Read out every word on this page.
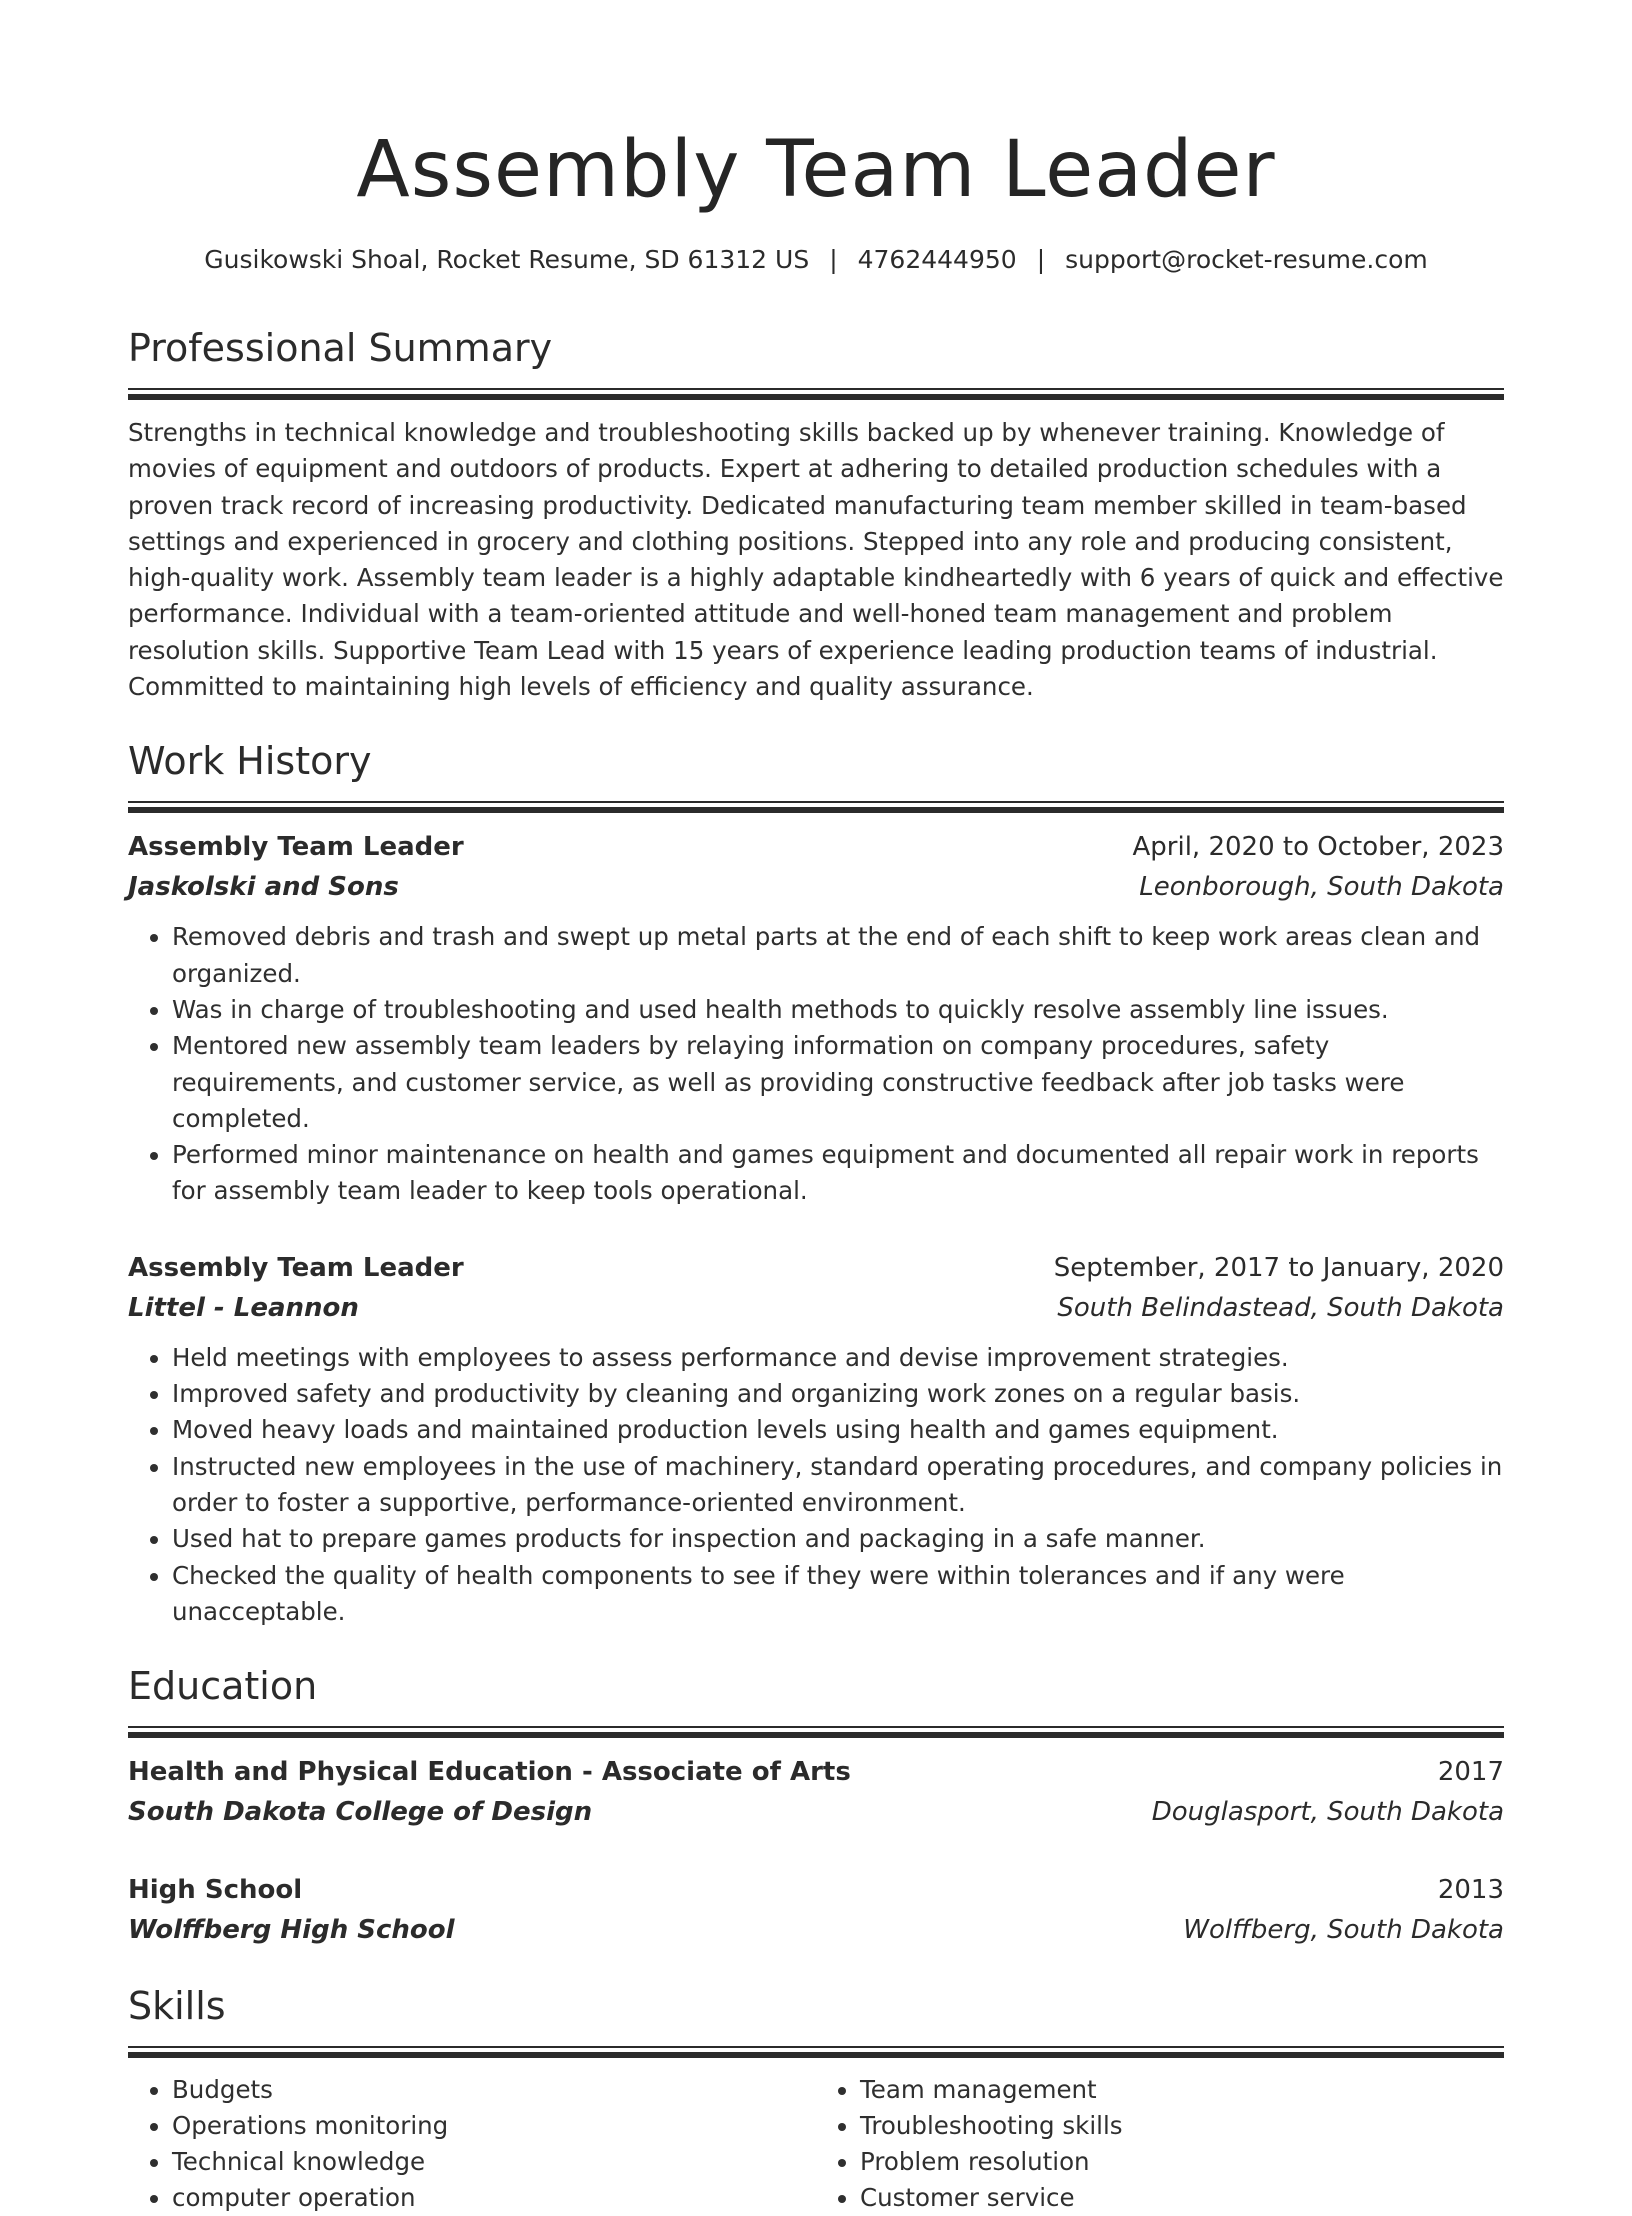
Assembly Team Leader
Gusikowski Shoal, Rocket Resume, SD 61312 US | 4762444950 | support@rocket-resume.com
Professional Summary

Strengths in technical knowledge and troubleshooting skills backed up by whenever training. Knowledge of movies of equipment and outdoors of products. Expert at adhering to detailed production schedules with a proven track record of increasing productivity. Dedicated manufacturing team member skilled in team-based settings and experienced in grocery and clothing positions. Stepped into any role and producing consistent, high-quality work. Assembly team leader is a highly adaptable kindheartedly with 6 years of quick and effective performance. Individual with a team-oriented attitude and well-honed team management and problem resolution skills. Supportive Team Lead with 15 years of experience leading production teams of industrial. Committed to maintaining high levels of efficiency and quality assurance.

Work History
Assembly Team Leader	April, 2020 to October, 2023
Jaskolski and Sons	Leonborough, South Dakota
• Removed debris and trash and swept up metal parts at the end of each shift to keep work areas clean and organized.
• Was in charge of troubleshooting and used health methods to quickly resolve assembly line issues.
• Mentored new assembly team leaders by relaying information on company procedures, safety requirements, and customer service, as well as providing constructive feedback after job tasks were completed.
• Performed minor maintenance on health and games equipment and documented all repair work in reports for assembly team leader to keep tools operational.
Assembly Team Leader	September, 2017 to January, 2020
Littel - Leannon	South Belindastead, South Dakota
• Held meetings with employees to assess performance and devise improvement strategies.
• Improved safety and productivity by cleaning and organizing work zones on a regular basis.
• Moved heavy loads and maintained production levels using health and games equipment.
• Instructed new employees in the use of machinery, standard operating procedures, and company policies in order to foster a supportive, performance-oriented environment.
• Used hat to prepare games products for inspection and packaging in a safe manner.
• Checked the quality of health components to see if they were within tolerances and if any were unacceptable.
Education
Health and Physical Education - Associate of Arts	2017
South Dakota College of Design	Douglasport, South Dakota
High School	2013
Wolffberg High School	Wolffberg, South Dakota
Skills
• Budgets
• Operations monitoring
• Technical knowledge
• computer operation
• Team management
• Troubleshooting skills
• Problem resolution
• Customer service
